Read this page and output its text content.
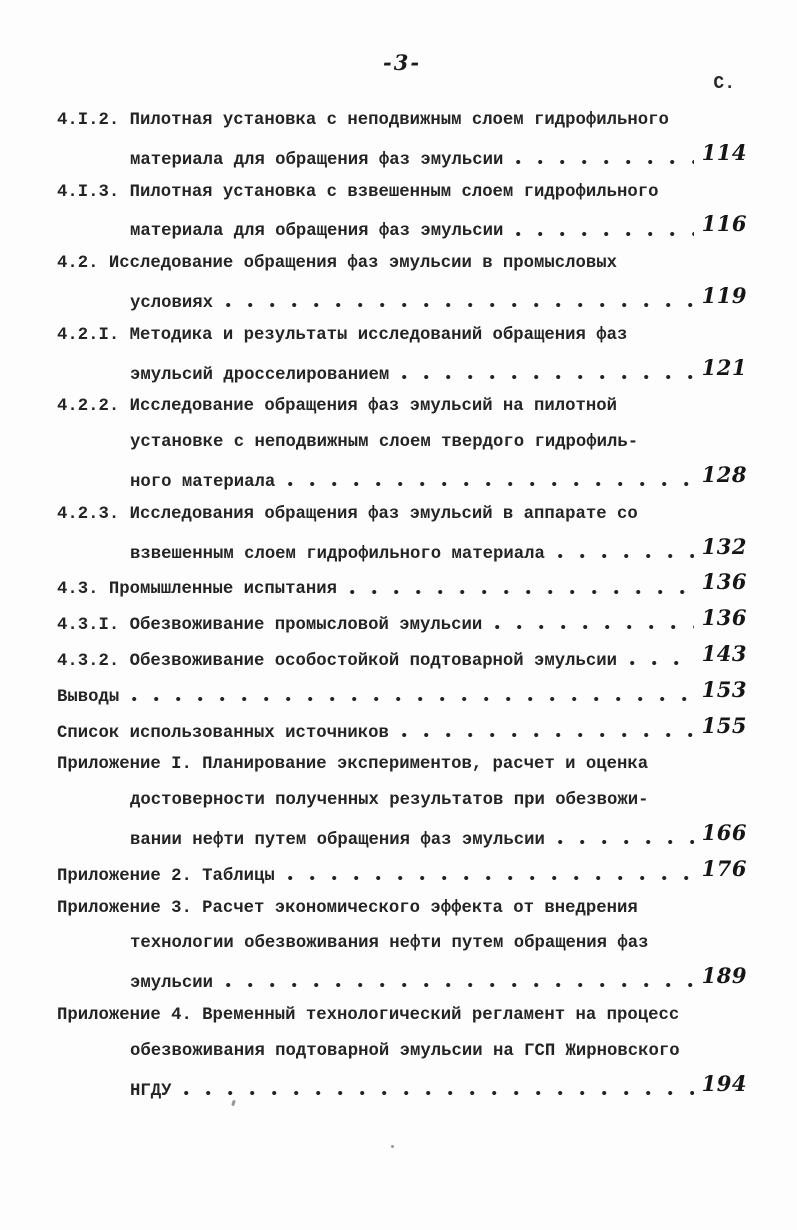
-3-
С.
4.I.2. Пилотная установка с неподвижным слоем гидрофильного
материала для обращения фаз эмульсии	114
4.I.3. Пилотная установка с взвешенным слоем гидрофильного
материала для обращения фаз эмульсии	116
4.2. Исследование обращения фаз эмульсии в промысловых
условиях	119
4.2.I. Методика и результаты исследований обращения фаз
эмульсий дросселированием	121
4.2.2. Исследование обращения фаз эмульсий на пилотной
установке с неподвижным слоем твердого гидрофиль-
ного материала	128
4.2.3. Исследования обращения фаз эмульсий в аппарате со
взвешенным слоем гидрофильного материала	132
4.3. Промышленные испытания	136
4.3.I. Обезвоживание промысловой эмульсии	136
4.3.2. Обезвоживание особостойкой подтоварной эмульсии	143
Выводы	153
Список использованных источников	155
Приложение I. Планирование экспериментов, расчет и оценка
достоверности полученных результатов при обезвожи-
вании нефти путем обращения фаз эмульсии	166
Приложение 2. Таблицы	176
Приложение 3. Расчет экономического эффекта от внедрения
технологии обезвоживания нефти путем обращения фаз
эмульсии	189
Приложение 4. Временный технологический регламент на процесс
обезвоживания подтоварной эмульсии на ГСП Жирновского
НГДУ	194
